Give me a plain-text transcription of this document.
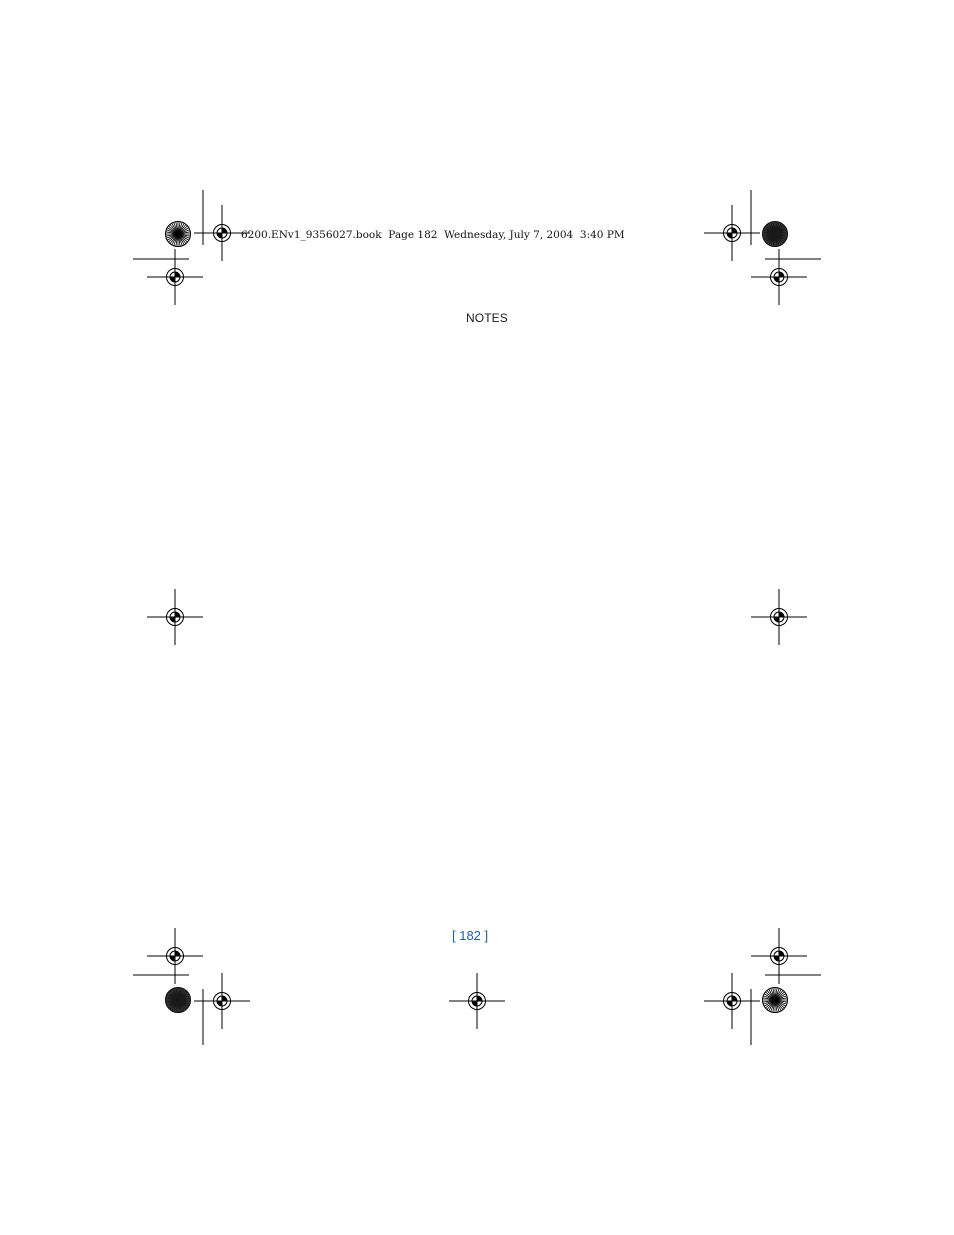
6200.ENv1_9356027.book  Page 182  Wednesday, July 7, 2004  3:40 PM
NOTES
[ 182 ]
